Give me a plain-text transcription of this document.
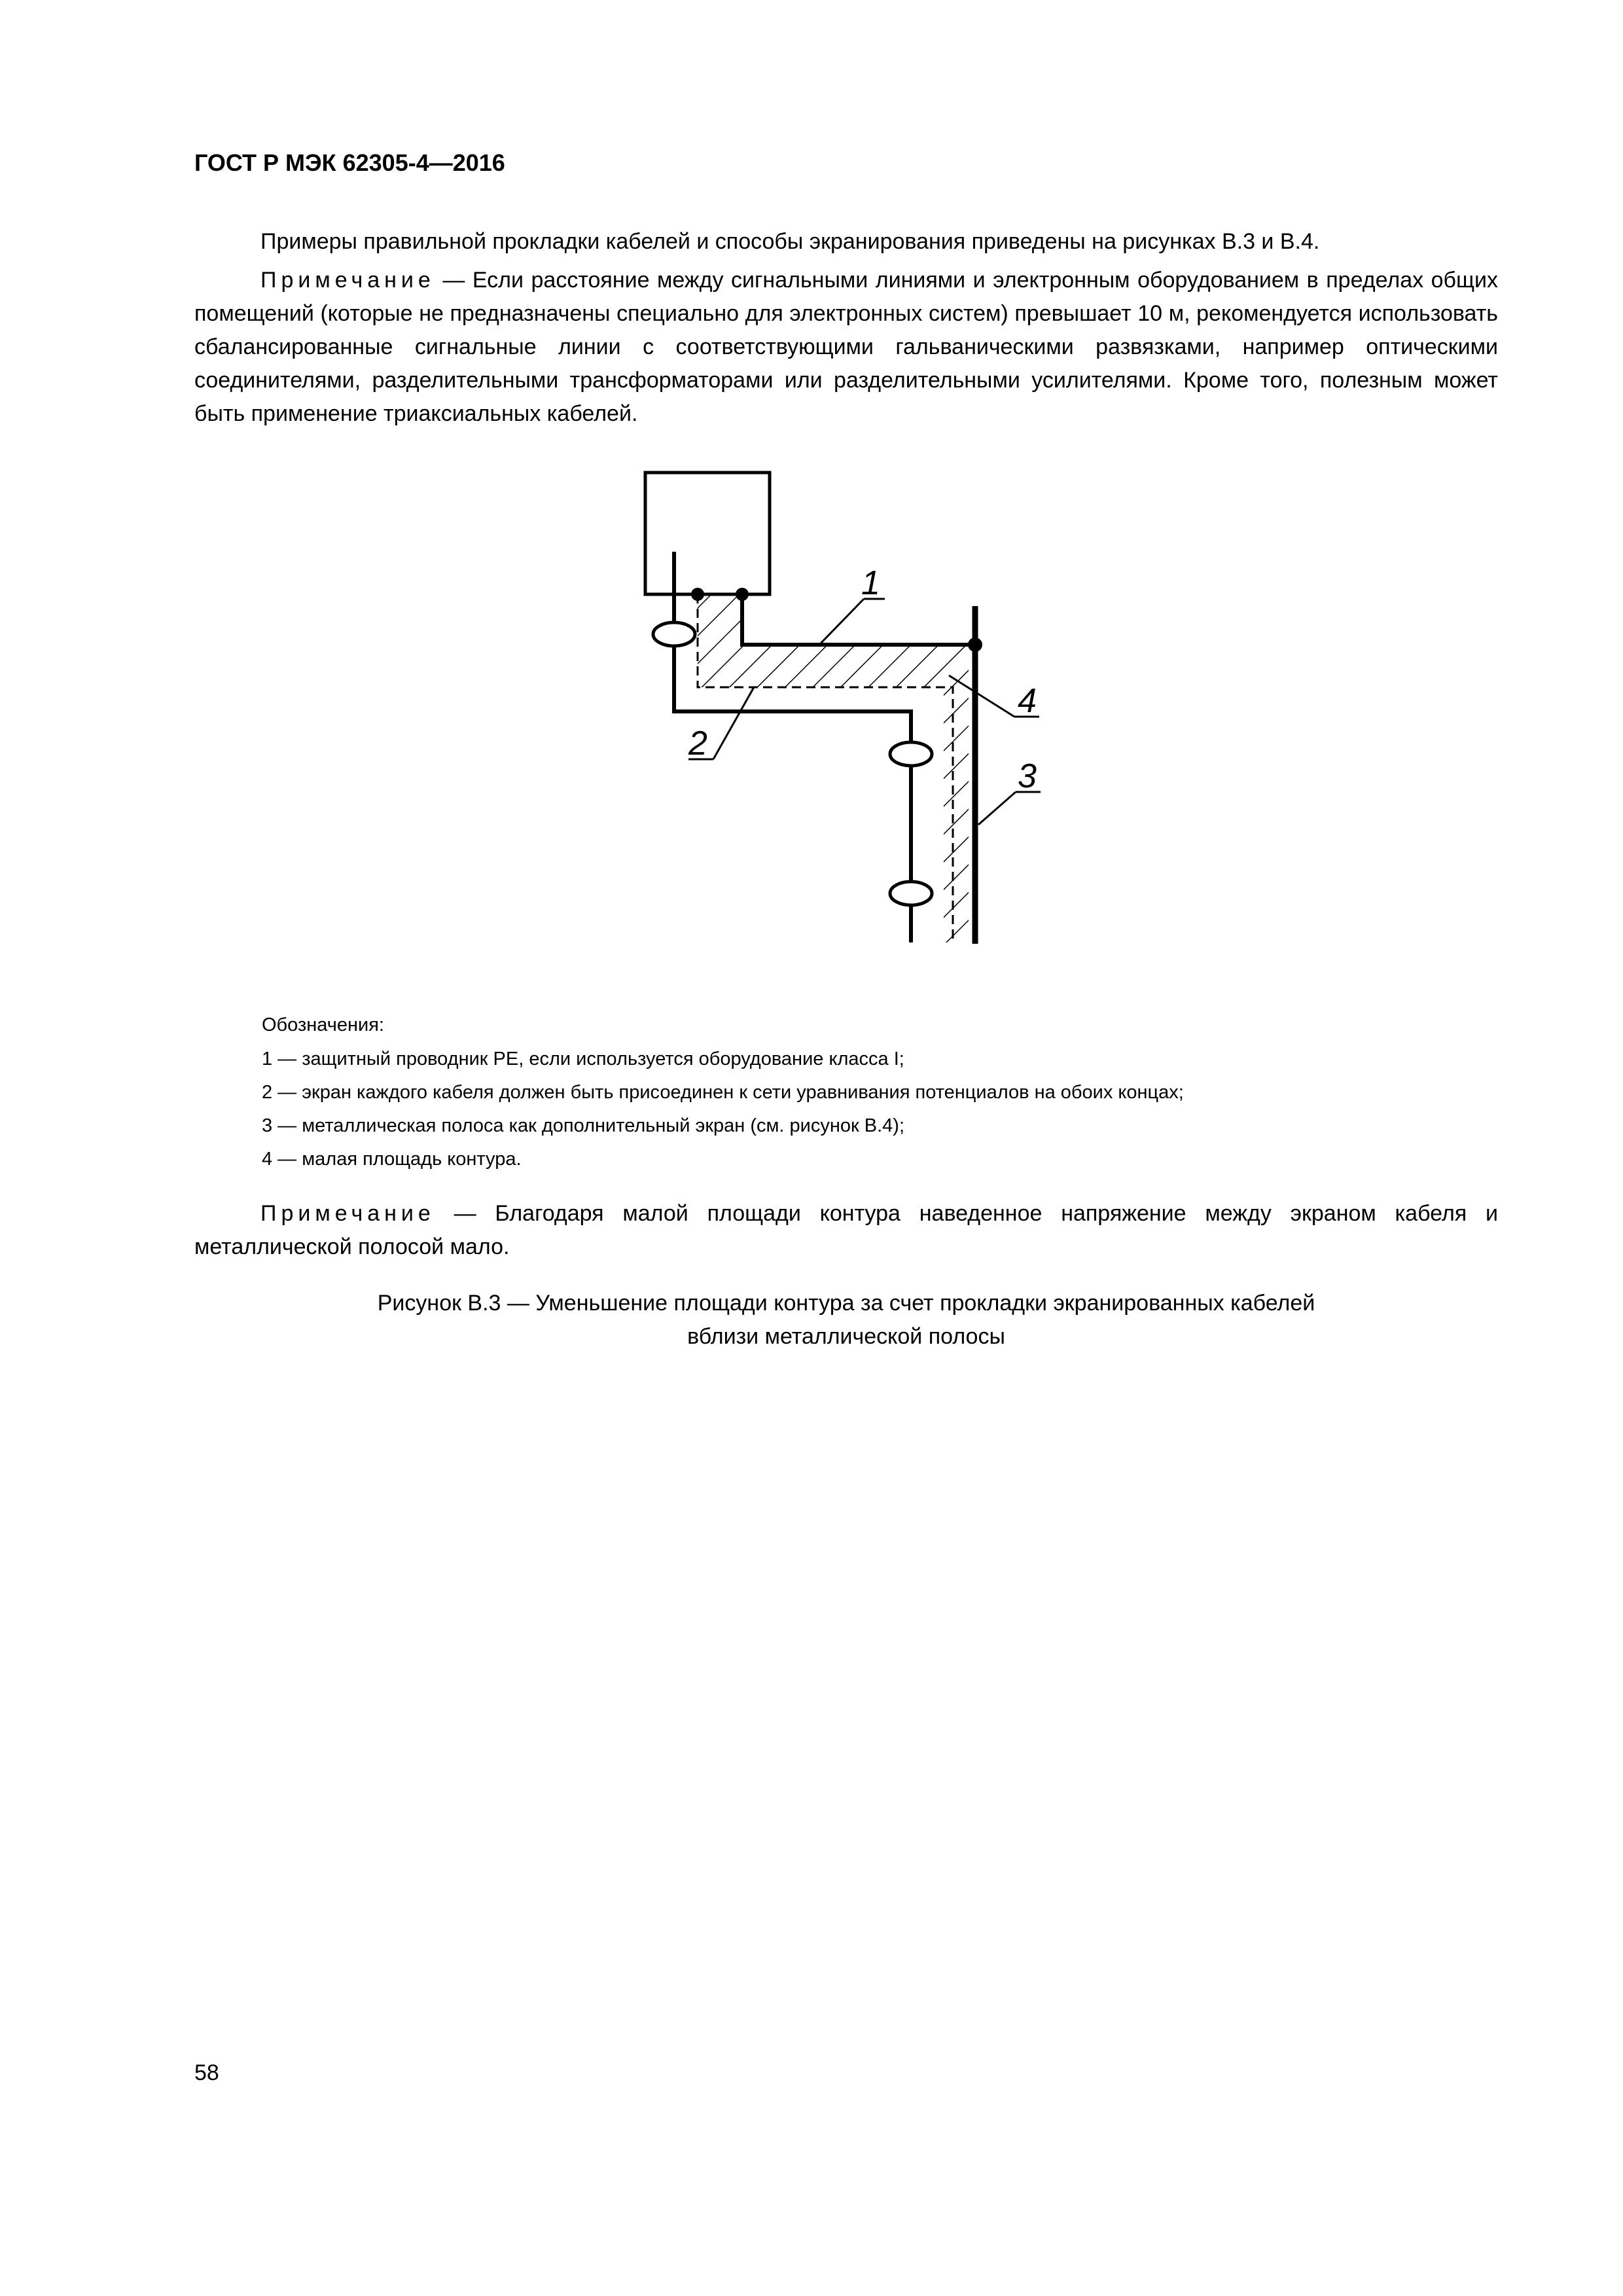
ГОСТ Р МЭК 62305-4—2016
Примеры правильной прокладки кабелей и способы экранирования приведены на рисунках В.3 и В.4.
Примечание — Если расстояние между сигнальными линиями и электронным оборудованием в пределах общих помещений (которые не предназначены специально для электронных систем) превышает 10 м, рекомендуется использовать сбалансированные сигнальные линии с соответствующими гальваническими развязками, например оптическими соединителями, разделительными трансформаторами или разделительными усилителями. Кроме того, полезным может быть применение триаксиальных кабелей.
1
2
3
4
Обозначения:
1 — защитный проводник РЕ, если используется оборудование класса I;
2 — экран каждого кабеля должен быть присоединен к сети уравнивания потенциалов на обоих концах;
3 — металлическая полоса как дополнительный экран (см. рисунок В.4);
4 — малая площадь контура.
Примечание — Благодаря малой площади контура наведенное напряжение между экраном кабеля и металлической полосой мало.
Рисунок В.3 — Уменьшение площади контура за счет прокладки экранированных кабелей
вблизи металлической полосы
58
